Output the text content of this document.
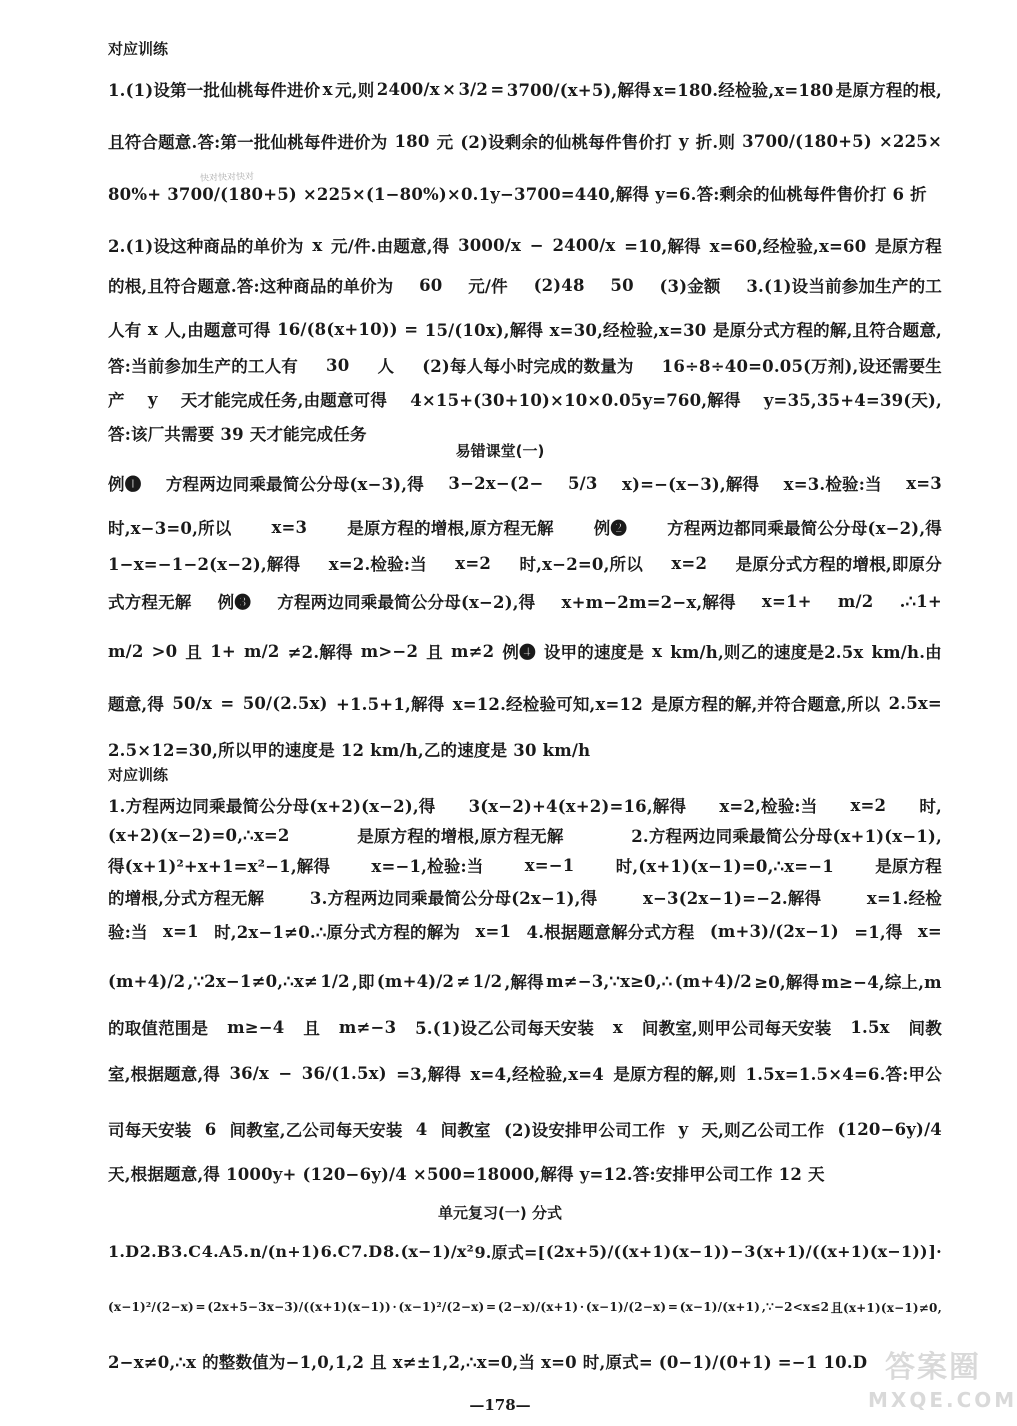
对应训练
快对快对快对
1.(1)设第一批仙桃每件进价 x 元,则 2400/x × 3/2 = 3700/(x+5),解得 x=180.经检验,x=180 是原方程的根,
且符合题意.答:第一批仙桃每件进价为 180 元 (2)设剩余的仙桃每件售价打 y 折.则 3700/(180+5) ×225×
80%+ 3700/(180+5) ×225×(1−80%)×0.1y−3700=440,解得 y=6.答:剩余的仙桃每件售价打 6 折
2.(1)设这种商品的单价为 x 元/件.由题意,得 3000/x − 2400/x =10,解得 x=60,经检验,x=60 是原方程
的根,且符合题意.答:这种商品的单价为 60 元/件 (2)48 50 (3)金额 3.(1)设当前参加生产的工
人有 x 人,由题意可得 16/(8(x+10)) = 15/(10x),解得 x=30,经检验,x=30 是原分式方程的解,且符合题意,
答:当前参加生产的工人有 30 人 (2)每人每小时完成的数量为 16÷8÷40=0.05(万剂),设还需要生
产 y 天才能完成任务,由题意可得 4×15+(30+10)×10×0.05y=760,解得 y=35,35+4=39(天),
答:该厂共需要 39 天才能完成任务
易错课堂(一)
例❶ 方程两边同乘最简公分母(x−3),得 3−2x−(2− 5/3 x)=−(x−3),解得 x=3.检验:当 x=3
时,x−3=0,所以 x=3 是原方程的增根,原方程无解 例❷ 方程两边都同乘最简公分母(x−2),得
1−x=−1−2(x−2),解得 x=2.检验:当 x=2 时,x−2=0,所以 x=2 是原分式方程的增根,即原分
式方程无解 例❸ 方程两边同乘最简公分母(x−2),得 x+m−2m=2−x,解得 x=1+ m/2 .∴1+
m/2 >0 且 1+ m/2 ≠2.解得 m>−2 且 m≠2 例❹ 设甲的速度是 x km/h,则乙的速度是2.5x km/h.由
题意,得 50/x = 50/(2.5x) +1.5+1,解得 x=12.经检验可知,x=12 是原方程的解,并符合题意,所以 2.5x=
2.5×12=30,所以甲的速度是 12 km/h,乙的速度是 30 km/h
对应训练
1.方程两边同乘最简公分母(x+2)(x−2),得 3(x−2)+4(x+2)=16,解得 x=2,检验:当 x=2 时,
(x+2)(x−2)=0,∴x=2	是原方程的增根,原方程无解	2.方程两边同乘最简公分母(x+1)(x−1),
得(x+1)²+x+1=x²−1,解得 x=−1,检验:当 x=−1 时,(x+1)(x−1)=0,∴x=−1 是原方程
的增根,分式方程无解	3.方程两边同乘最简公分母(2x−1),得	x−3(2x−1)=−2.解得	x=1.经检
验:当 x=1 时,2x−1≠0.∴原分式方程的解为 x=1 4.根据题意解分式方程 (m+3)/(2x−1) =1,得 x=
(m+4)/2 ,∵2x−1≠0,∴x≠ 1/2 ,即 (m+4)/2 ≠ 1/2 ,解得 m≠−3,∵x≥0,∴ (m+4)/2 ≥0,解得 m≥−4,综上,m
的取值范围是 m≥−4 且 m≠−3 5.(1)设乙公司每天安装 x 间教室,则甲公司每天安装 1.5x 间教
室,根据题意,得 36/x − 36/(1.5x) =3,解得 x=4,经检验,x=4 是原方程的解,则 1.5x=1.5×4=6.答:甲公
司每天安装 6 间教室,乙公司每天安装 4 间教室 (2)设安排甲公司工作 y 天,则乙公司工作 (120−6y)/4
天,根据题意,得 1000y+ (120−6y)/4 ×500=18000,解得 y=12.答:安排甲公司工作 12 天
单元复习(一) 分式
1.D 2.B 3.C 4.A 5. n/(n+1) 6.C 7.D 8. (x−1)/x² 9.原式=[ (2x+5)/((x+1)(x−1)) − 3(x+1)/((x+1)(x−1)) ]·
(x−1)²/(2−x) = (2x+5−3x−3)/((x+1)(x−1)) · (x−1)²/(2−x) = (2−x)/(x+1) · (x−1)/(2−x) = (x−1)/(x+1) ,∵−2<x≤2 且(x+1)(x−1)≠0,
2−x≠0,∴x 的整数值为−1,0,1,2 且 x≠±1,2,∴x=0,当 x=0 时,原式= (0−1)/(0+1) =−1 10.D
—178—
答案圈
MXQE.COM
